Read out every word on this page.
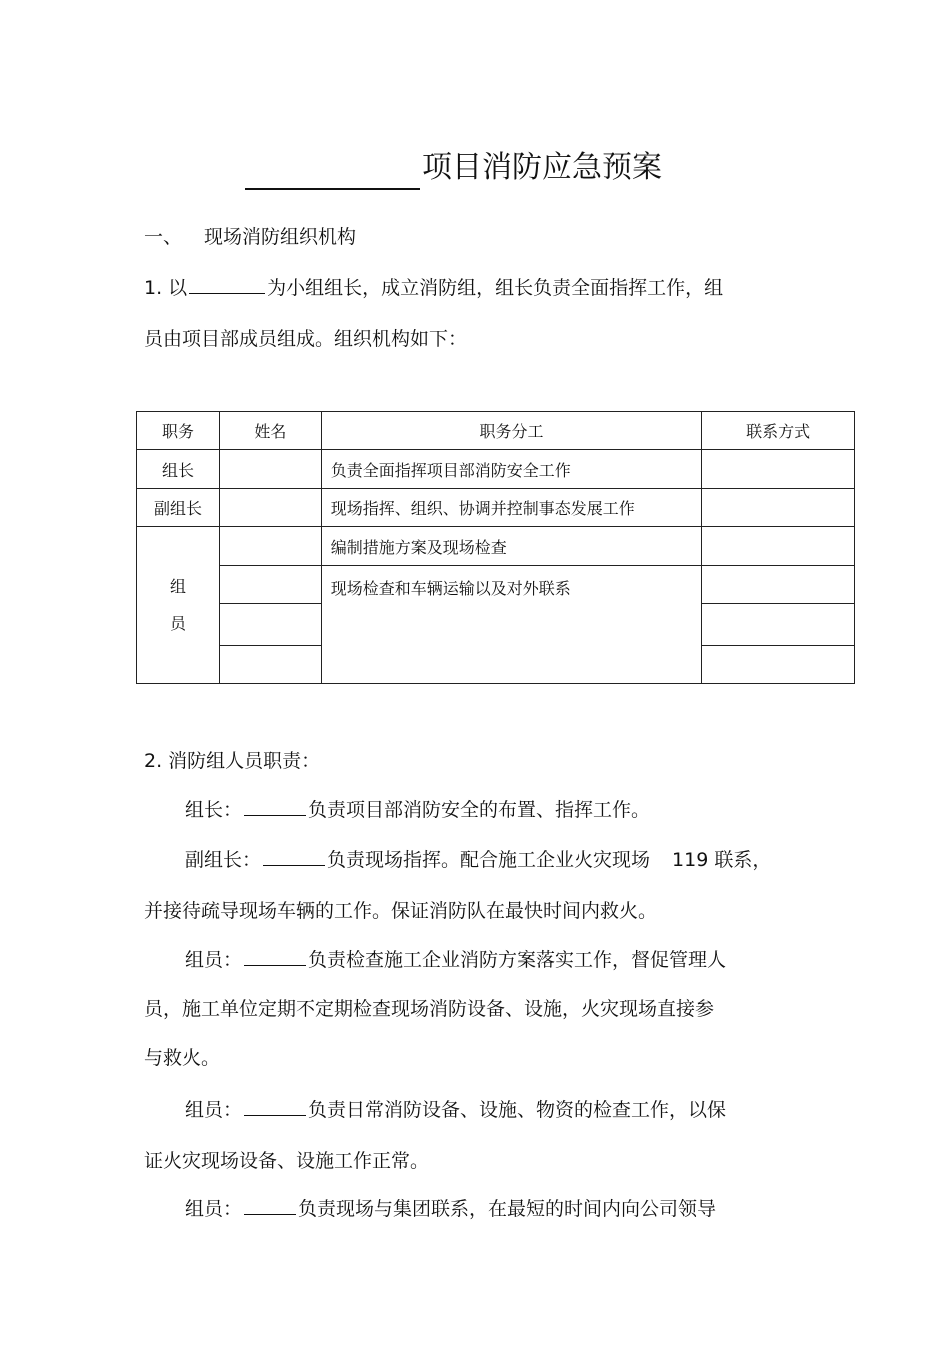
项目消防应急预案
一、 现场消防组织机构
1. 以	为小组组长，成立消防组，组长负责全面指挥工作，组
员由项目部成员组成。组织机构如下：
职务	姓名	职务分工	联系方式
组长		负责全面指挥项目部消防安全工作	
副组长		现场指挥、组织、协调并控制事态发展工作	

组
员		编制措施方案及现场检查	
		现场检查和车辆运输以及对外联系	

2. 消防组人员职责：
组长：	负责项目部消防安全的布置、指挥工作。
副组长：	负责现场指挥。配合施工企业火灾现场 119 联系，
并接待疏导现场车辆的工作。保证消防队在最快时间内救火。
组员：	负责检查施工企业消防方案落实工作，督促管理人
员，施工单位定期不定期检查现场消防设备、设施，火灾现场直接参
与救火。
组员：	负责日常消防设备、设施、物资的检查工作，以保
证火灾现场设备、设施工作正常。
组员：	负责现场与集团联系，在最短的时间内向公司领导
